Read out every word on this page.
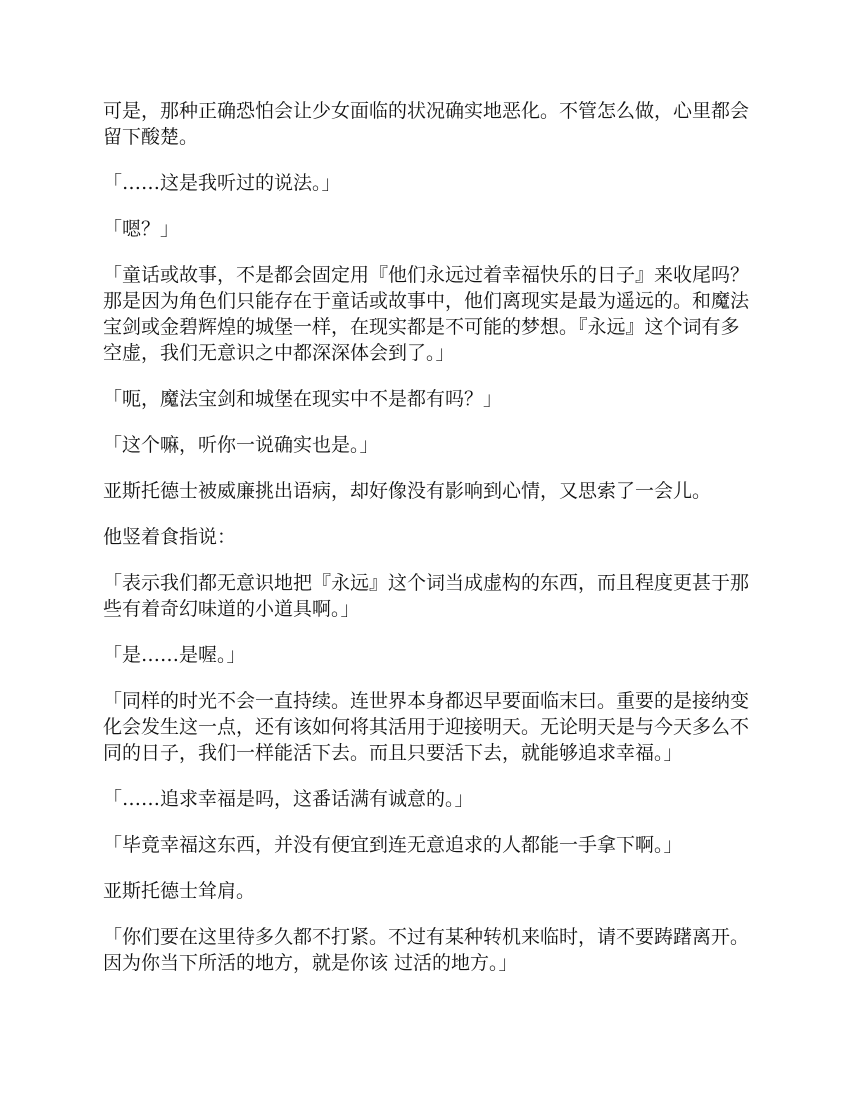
可是，那种正确恐怕会让少女面临的状况确实地恶化。不管怎么做，心里都会留下酸楚。

「……这是我听过的说法。」

「嗯？」

「童话或故事，不是都会固定用『他们永远过着幸福快乐的日子』来收尾吗？那是因为角色们只能存在于童话或故事中，他们离现实是最为遥远的。和魔法宝剑或金碧辉煌的城堡一样，在现实都是不可能的梦想。『永远』这个词有多空虚，我们无意识之中都深深体会到了。」

「呃，魔法宝剑和城堡在现实中不是都有吗？」

「这个嘛，听你一说确实也是。」

亚斯托德士被威廉挑出语病，却好像没有影响到心情，又思索了一会儿。

他竖着食指说：

「表示我们都无意识地把『永远』这个词当成虚构的东西，而且程度更甚于那些有着奇幻味道的小道具啊。」

「是……是喔。」

「同样的时光不会一直持续。连世界本身都迟早要面临末曰。重要的是接纳变化会发生这一点，还有该如何将其活用于迎接明天。无论明天是与今天多么不同的日子，我们一样能活下去。而且只要活下去，就能够追求幸福。」

「……追求幸福是吗，这番话满有诚意的。」

「毕竟幸福这东西，并没有便宜到连无意追求的人都能一手拿下啊。」

亚斯托德士耸肩。

「你们要在这里待多久都不打紧。不过有某种转机来临时，请不要踌躇离开。因为你当下所活的地方，就是你该 过活的地方。」
